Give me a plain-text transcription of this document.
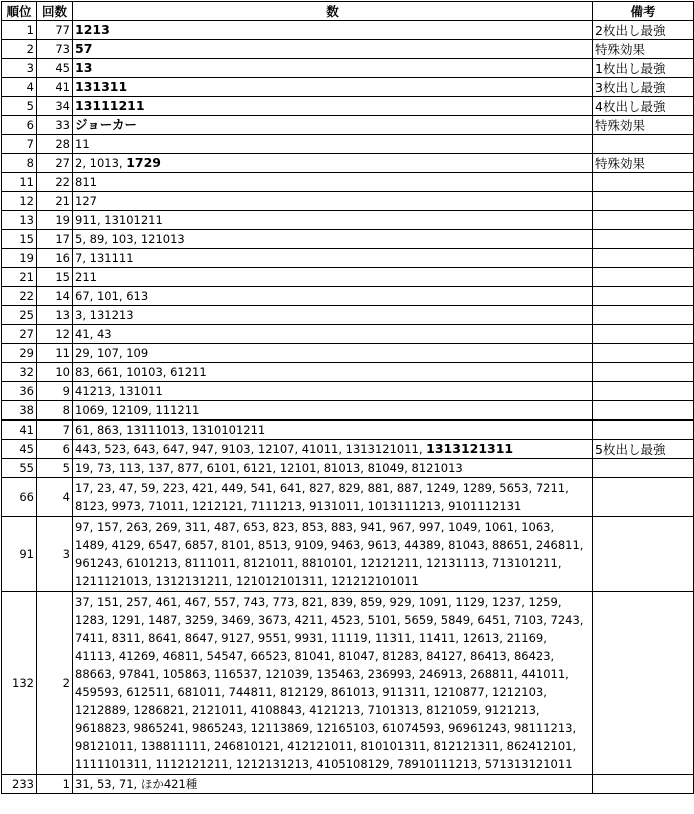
順位	回数	数	備考
1	77	1213	2枚出し最強
2	73	57	特殊効果
3	45	13	1枚出し最強
4	41	131311	3枚出し最強
5	34	13111211	4枚出し最強
6	33	ジョーカー	特殊効果
7	28	11	
8	27	2, 1013, 1729	特殊効果
11	22	811	
12	21	127	
13	19	911, 13101211	
15	17	5, 89, 103, 121013	
19	16	7, 131111	
21	15	211	
22	14	67, 101, 613	
25	13	3, 131213	
27	12	41, 43	
29	11	29, 107, 109	
32	10	83, 661, 10103, 61211	
36	9	41213, 131011	
38	8	1069, 12109, 111211	
41	7	61, 863, 13111013, 1310101211	
45	6	443, 523, 643, 647, 947, 9103, 12107, 41011, 1313121011, 1313121311	5枚出し最強
55	5	19, 73, 113, 137, 877, 6101, 6121, 12101, 81013, 81049, 8121013	
66	4	17, 23, 47, 59, 223, 421, 449, 541, 641, 827, 829, 881, 887, 1249, 1289, 5653, 7211, 8123, 9973, 71011, 1212121, 7111213, 9131011, 1013111213, 9101112131	
91	3	97, 157, 263, 269, 311, 487, 653, 823, 853, 883, 941, 967, 997, 1049, 1061, 1063, 1489, 4129, 6547, 6857, 8101, 8513, 9109, 9463, 9613, 44389, 81043, 88651, 246811, 961243, 6101213, 8111011, 8121011, 8810101, 12121211, 12131113, 713101211, 1211121013, 1312131211, 121012101311, 121212101011	
132	2	37, 151, 257, 461, 467, 557, 743, 773, 821, 839, 859, 929, 1091, 1129, 1237, 1259, 1283, 1291, 1487, 3259, 3469, 3673, 4211, 4523, 5101, 5659, 5849, 6451, 7103, 7243, 7411, 8311, 8641, 8647, 9127, 9551, 9931, 11119, 11311, 11411, 12613, 21169, 41113, 41269, 46811, 54547, 66523, 81041, 81047, 81283, 84127, 86413, 86423, 88663, 97841, 105863, 116537, 121039, 135463, 236993, 246913, 268811, 441011, 459593, 612511, 681011, 744811, 812129, 861013, 911311, 1210877, 1212103, 1212889, 1286821, 2121011, 4108843, 4121213, 7101313, 8121059, 9121213, 9618823, 9865241, 9865243, 12113869, 12165103, 61074593, 96961243, 98111213, 98121011, 138811111, 246810121, 412121011, 810101311, 812121311, 862412101, 1111101311, 1112121211, 1212131213, 4105108129, 78910111213, 571313121011	
233	1	31, 53, 71, ほか421種	
